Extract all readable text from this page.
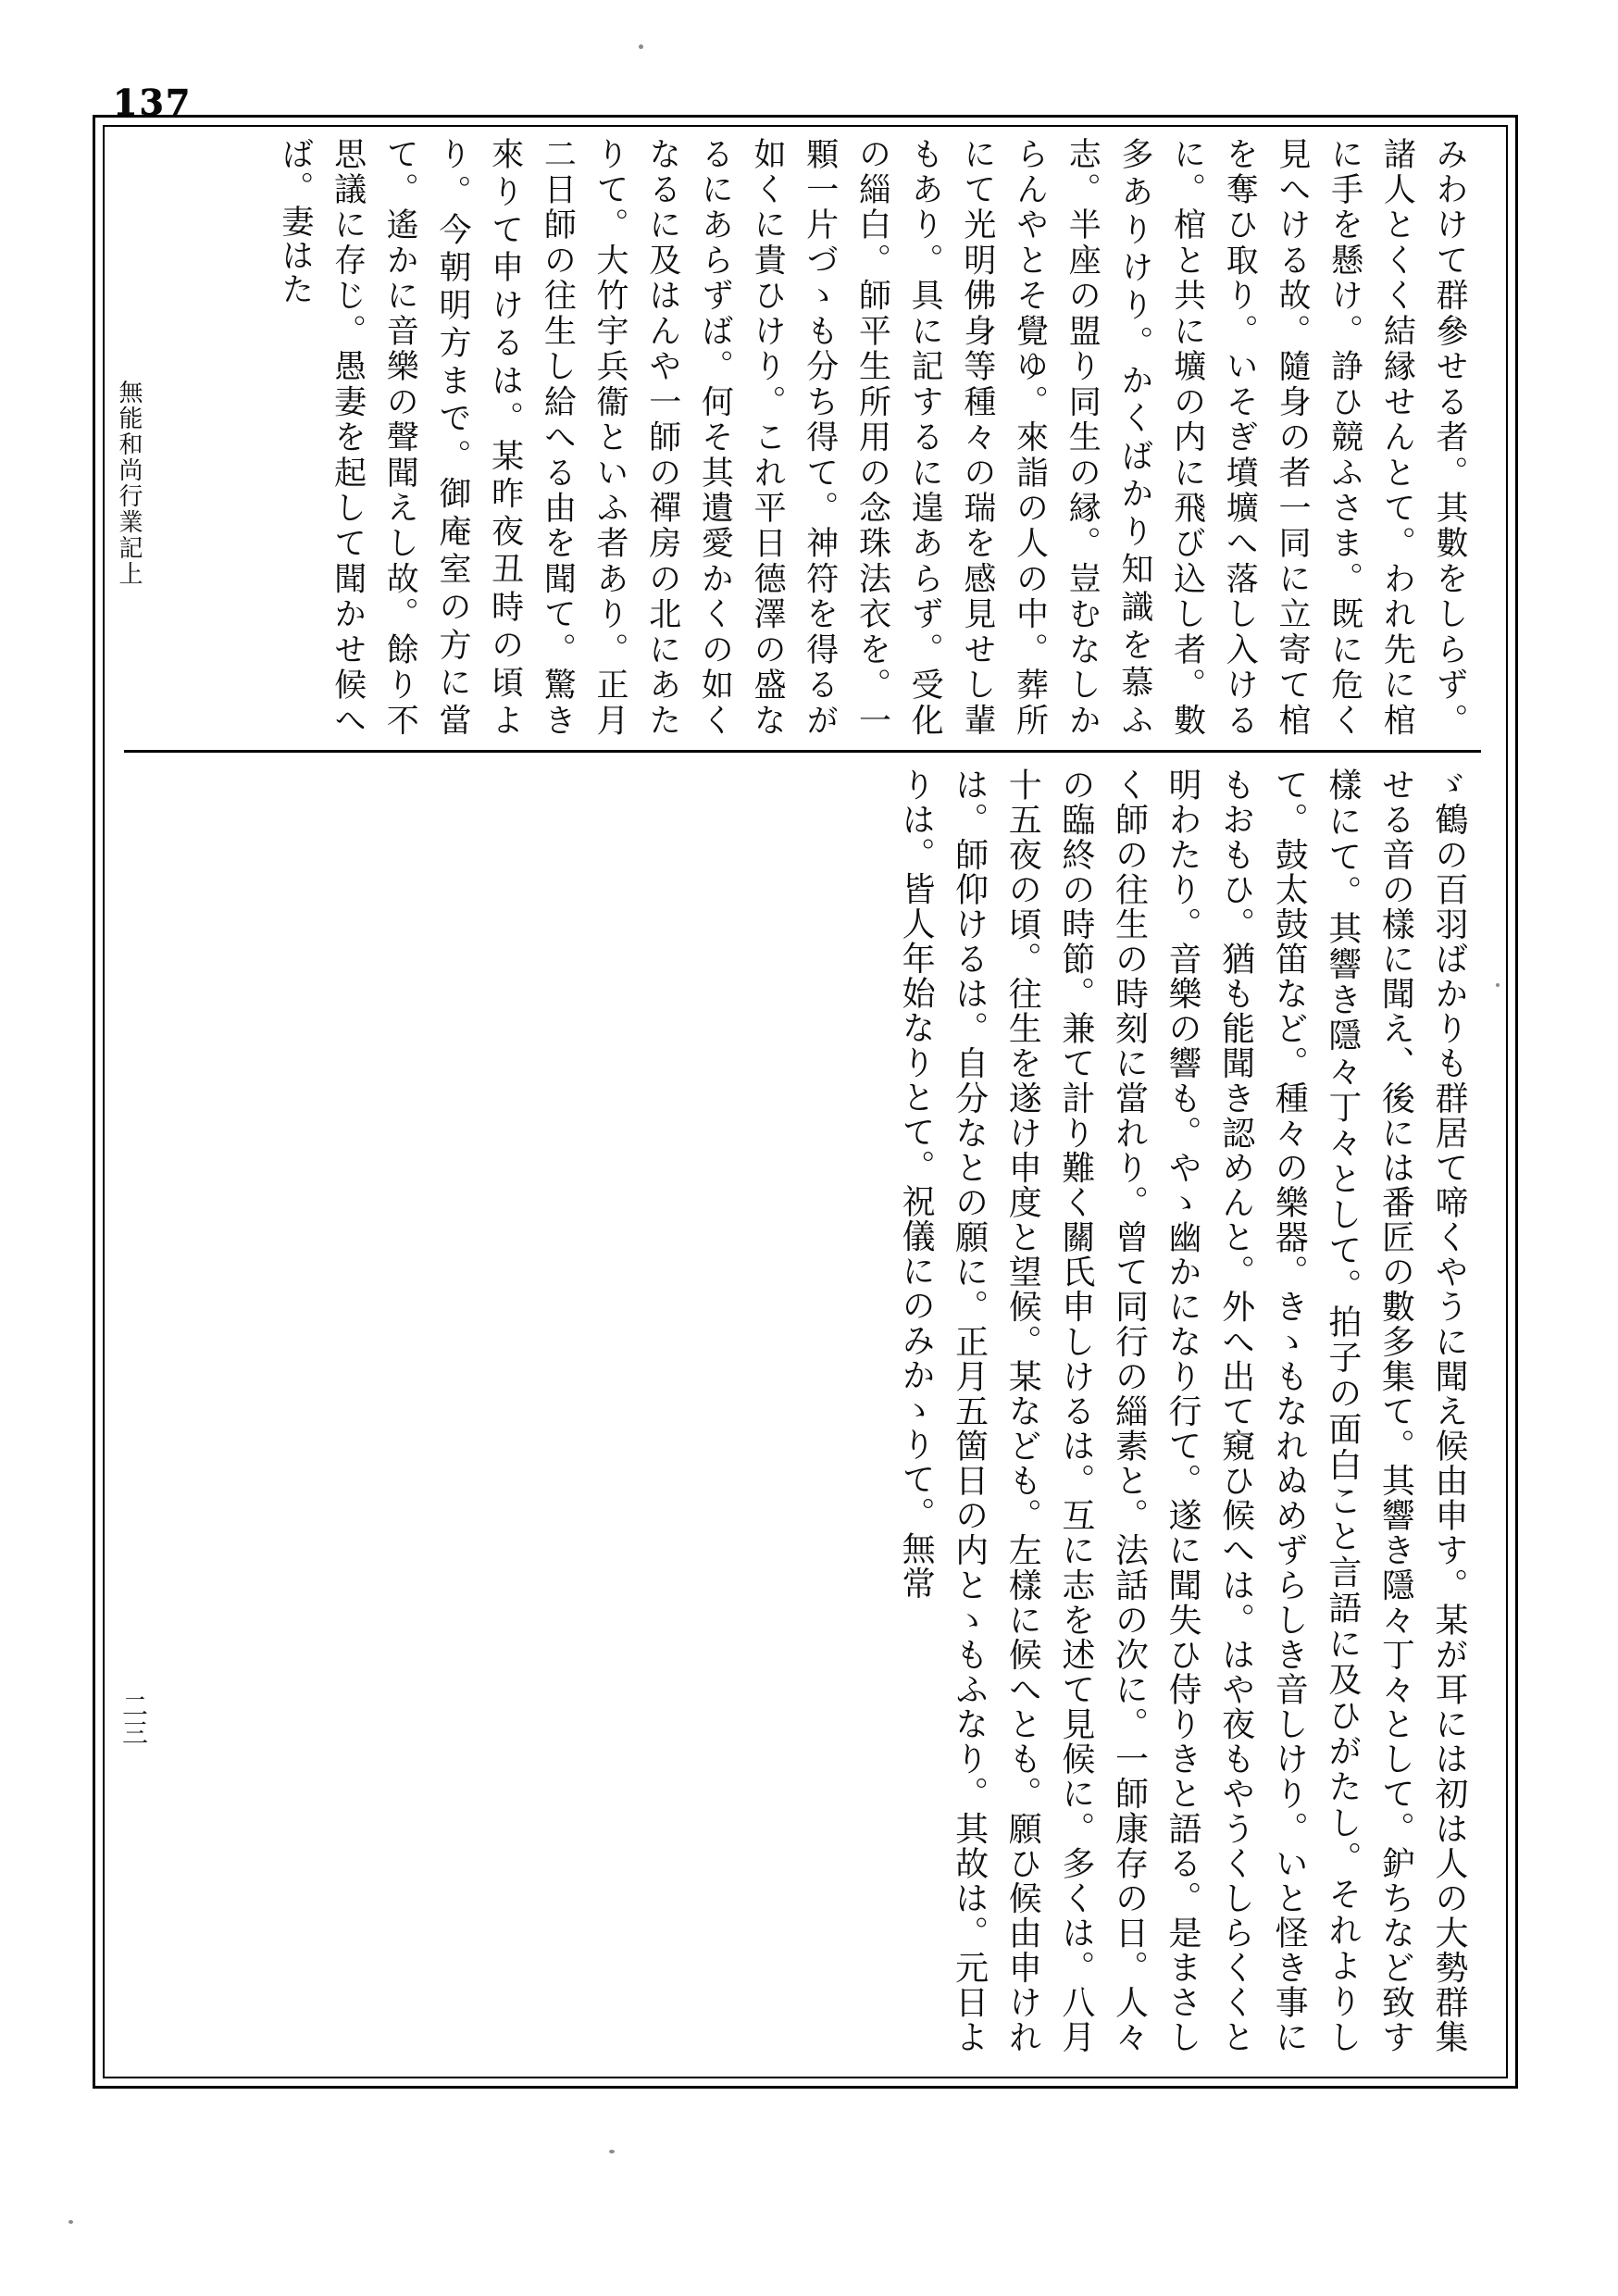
137
無能和尚行業記上
二三
みわけて群參せる者。其數をしらず。諸人とくく結縁せんとて。われ先に棺に手を懸け。諍ひ競ふさま。既に危く見へける故。隨身の者一同に立寄て棺を奪ひ取り。いそぎ墳壙へ落し入けるに。棺と共に壙の内に飛び込し者。數多ありけり。かくばかり知識を慕ふ志。半座の盟り同生の縁。豈むなしからんやとそ覺ゆ。來詣の人の中。葬所にて光明佛身等種々の瑞を感見せし輩もあり。具に記するに遑あらず。受化の緇白。師平生所用の念珠法衣を。一顆一片づゝも分ち得て。神符を得るが如くに貴ひけり。これ平日德澤の盛なるにあらずば。何そ其遺愛かくの如くなるに及はんや一師の禪房の北にあたりて。大竹宇兵衞といふ者あり。正月二日師の往生し給へる由を聞て。驚き來りて申けるは。某昨夜丑時の頃より。今朝明方まで。御庵室の方に當て。遙かに音樂の聲聞えし故。餘り不思議に存じ。愚妻を起して聞かせ候へば。妻はた
ゞ鶴の百羽ばかりも群居て啼くやうに聞え候由申す。某が耳には初は人の大勢群集せる音の樣に聞え、後には番匠の數多集て。其響き隱々丁々として。鈩ちなど致す樣にて。其響き隱々丁々として。拍子の面白こと言語に及ひがたし。それよりして。鼓太鼓笛など。種々の樂器。きゝもなれぬめずらしき音しけり。いと怪き事にもおもひ。猶も能聞き認めんと。外へ出て窺ひ候へは。はや夜もやうくしらくくと明わたり。音樂の響も。やゝ幽かになり行て。遂に聞失ひ侍りきと語る。是まさしく師の往生の時刻に當れり。曾て同行の緇素と。法話の次に。一師康存の日。人々の臨終の時節。兼て計り難く關氏申しけるは。互に志を述て見候に。多くは。八月十五夜の頃。往生を遂け申度と望候。某なども。左樣に候へとも。願ひ候由申けれは。師仰けるは。自分なとの願に。正月五箇日の内とゝもふなり。其故は。元日よりは。皆人年始なりとて。祝儀にのみかゝりて。無常
